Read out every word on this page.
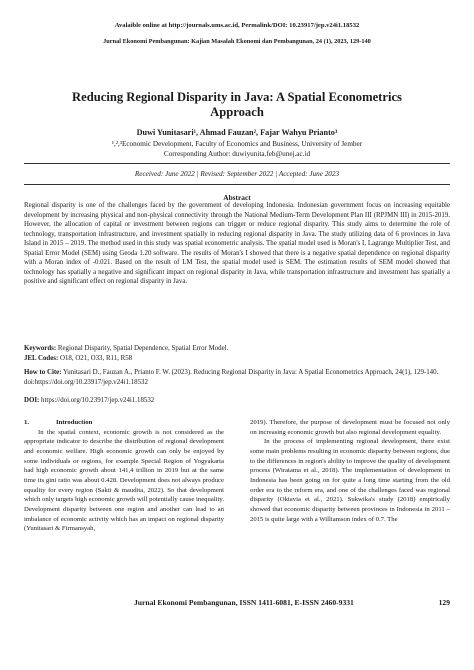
Avalaible online at http://journals.ums.ac.id, Permalink/DOI: 10.23917/jep.v24i1.18532
Jurnal Ekonomi Pembangunan: Kajian Masalah Ekonomi dan Pembangunan, 24 (1), 2023, 129-140
Reducing Regional Disparity in Java: A Spatial Econometrics Approach
Duwi Yunitasari¹, Ahmad Fauzan², Fajar Wahyu Prianto³
¹,²,³Economic Development, Faculty of Economics and Business, University of Jember
Corresponding Author: duwiyunita.feb@unej.ac.id
Received: June 2022 | Revised: September 2022 | Accepted: June 2023
Abstract
Regional disparity is one of the challenges faced by the government of developing Indonesia. Indonesian government focus on increasing equitable development by increasing physical and non-physical connectivity through the National Medium-Term Development Plan III (RPJMN III) in 2015-2019. However, the allocation of capital or investment between regions can trigger or reduce regional disparity. This study aims to determine the role of technology, transportation infrastructure, and investment spatially in reducing regional disparity in Java. The study utilizing data of 6 provinces in Java Island in 2015 – 2019. The method used in this study was spatial econometric analysis. The spatial model used is Moran's I, Lagrange Multiplier Test, and Spatial Error Model (SEM) using Geoda 1.20 software. The results of Moran's I showed that there is a negative spatial dependence on regional disparity with a Moran index of -0.021. Based on the result of LM Test, the spatial model used is SEM. The estimation results of SEM model showed that technology has spatially a negative and significant impact on regional disparity in Java, while transportation infrastructure and investment has spatially a positive and significant effect on regional disparity in Java.
Keywords: Regional Disparity, Spatial Dependence, Spatial Error Model.
JEL Codes: O18, O21, O33, R11, R58
How to Cite: Yunitasari D., Fauzan A., Prianto F. W. (2023). Reducing Regional Disparity in Java: A Spatial Econometrics Approach, 24(1), 129-140. doi:https://doi.org/10.23917/jep.v24i1.18532
DOI: https://doi.org/10.23917/jep.v24i1.18532
1.	Introduction

In the spatial context, economic growth is not considered as the appropriate indicator to describe the distribution of regional development and economic welfare. High economic growth can only be enjoyed by some individuals or regions, for example Special Region of Yogyakarta had high economic growth about 141,4 trillion in 2019 but at the same time its gini ratio was about 0.428. Development does not always produce equality for every region (Sakti & maudita, 2022). So that development which only targets high economic growth will potentially cause inequality. Development disparity between one region and another can lead to an imbalance of economic activity which has an impact on regional disparity (Yunitasari & Firmansyah,

2019). Therefore, the purpose of development must be focused not only on increasing economic growth but also regional development equality.

In the process of implementing regional development, there exist some main problems resulting in economic disparity between regions, due to the differences in region's ability to improve the quality of development process (Wiratama et al., 2018). The implementation of development in Indonesia has been going on for quite a long time starting from the old order era to the reform era, and one of the challenges faced was regional disparity (Oktavia et al., 2021). Sukwika's study (2018) empirically showed that economic disparity between provinces in Indonesia in 2011 – 2015 is quite large with a Williamson index of 0.7. The

Jurnal Ekonomi Pembangunan, ISSN 1411-6081, E-ISSN 2460-9331	129
